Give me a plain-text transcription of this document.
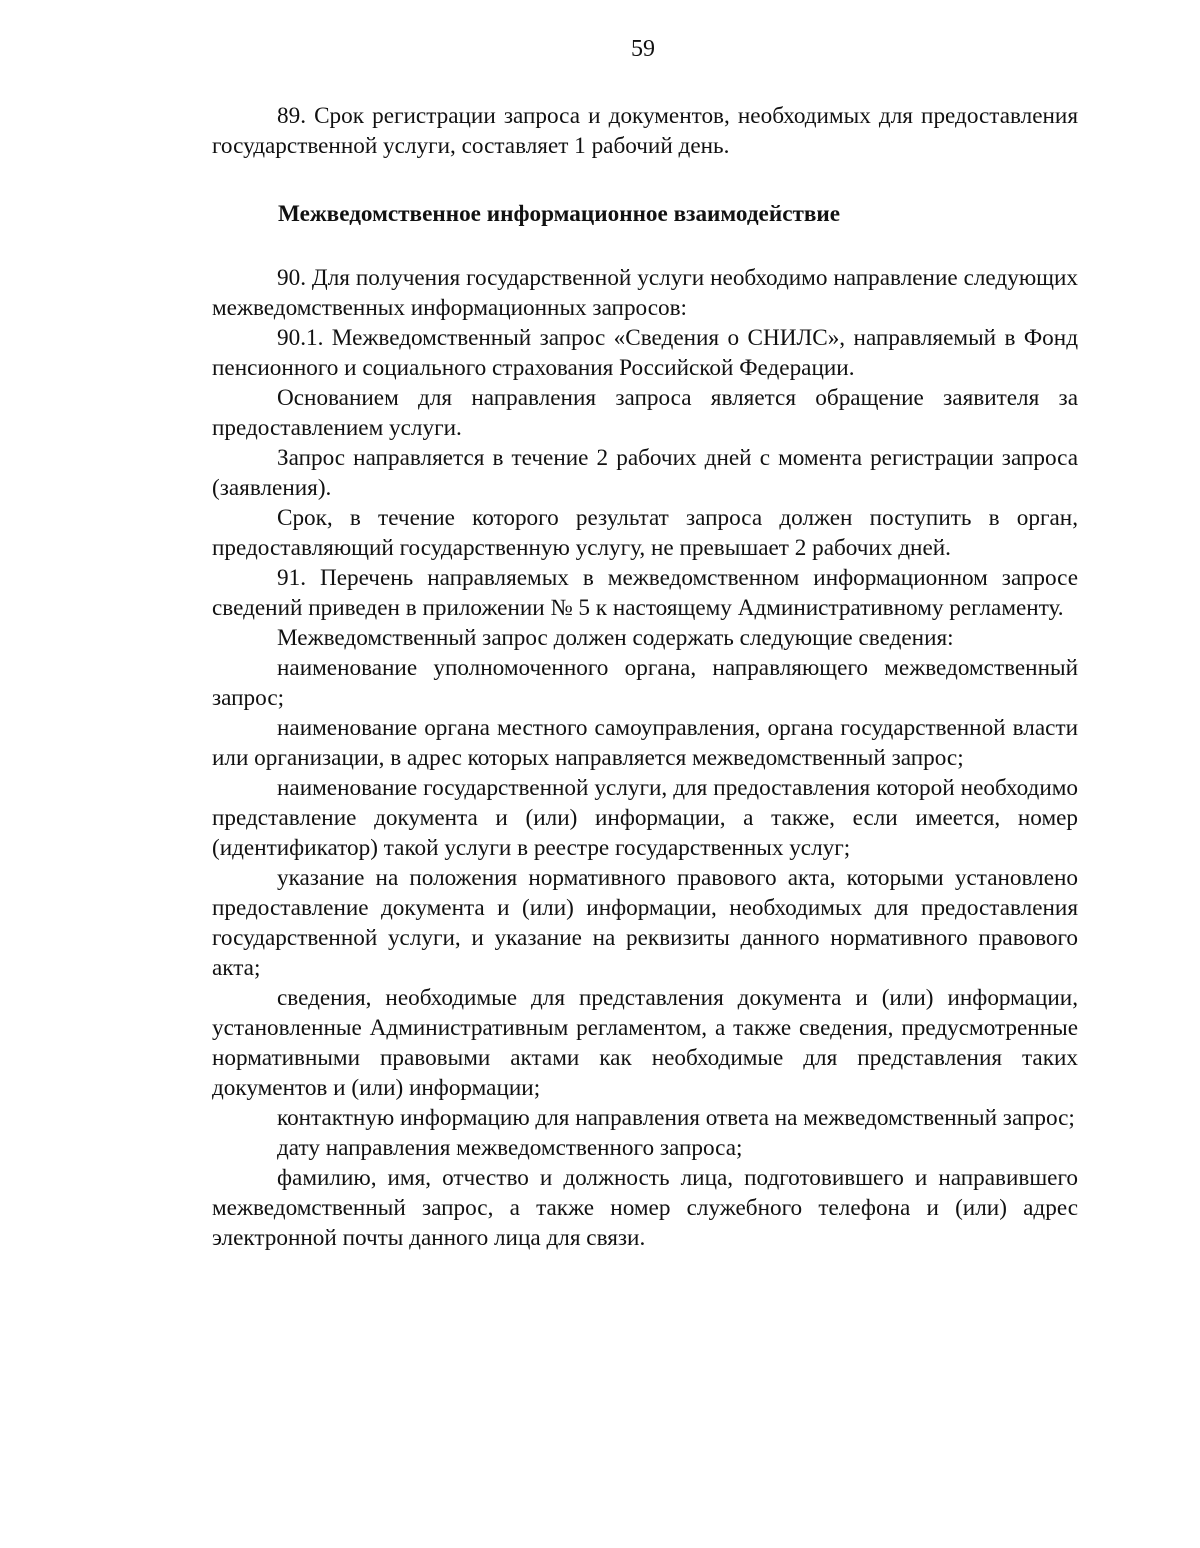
59

89. Срок регистрации запроса и документов, необходимых для предоставления государственной услуги, составляет 1 рабочий день.

Межведомственное информационное взаимодействие

90. Для получения государственной услуги необходимо направление следующих межведомственных информационных запросов:

90.1. Межведомственный запрос «Сведения о СНИЛС», направляемый в Фонд пенсионного и социального страхования Российской Федерации.

Основанием для направления запроса является обращение заявителя за предоставлением услуги.

Запрос направляется в течение 2 рабочих дней с момента регистрации запроса (заявления).

Срок, в течение которого результат запроса должен поступить в орган, предоставляющий государственную услугу, не превышает 2 рабочих дней.

91. Перечень направляемых в межведомственном информационном запросе сведений приведен в приложении № 5 к настоящему Административному регламенту.

Межведомственный запрос должен содержать следующие сведения:

наименование уполномоченного органа, направляющего межведомственный запрос;

наименование органа местного самоуправления, органа государственной власти или организации, в адрес которых направляется межведомственный запрос;

наименование государственной услуги, для предоставления которой необходимо представление документа и (или) информации, а также, если имеется, номер (идентификатор) такой услуги в реестре государственных услуг;

указание на положения нормативного правового акта, которыми установлено предоставление документа и (или) информации, необходимых для предоставления государственной услуги, и указание на реквизиты данного нормативного правового акта;

сведения, необходимые для представления документа и (или) информации, установленные Административным регламентом, а также сведения, предусмотренные нормативными правовыми актами как необходимые для представления таких документов и (или) информации;

контактную информацию для направления ответа на межведомственный запрос;

дату направления межведомственного запроса;

фамилию, имя, отчество и должность лица, подготовившего и направившего межведомственный запрос, а также номер служебного телефона и (или) адрес электронной почты данного лица для связи.
